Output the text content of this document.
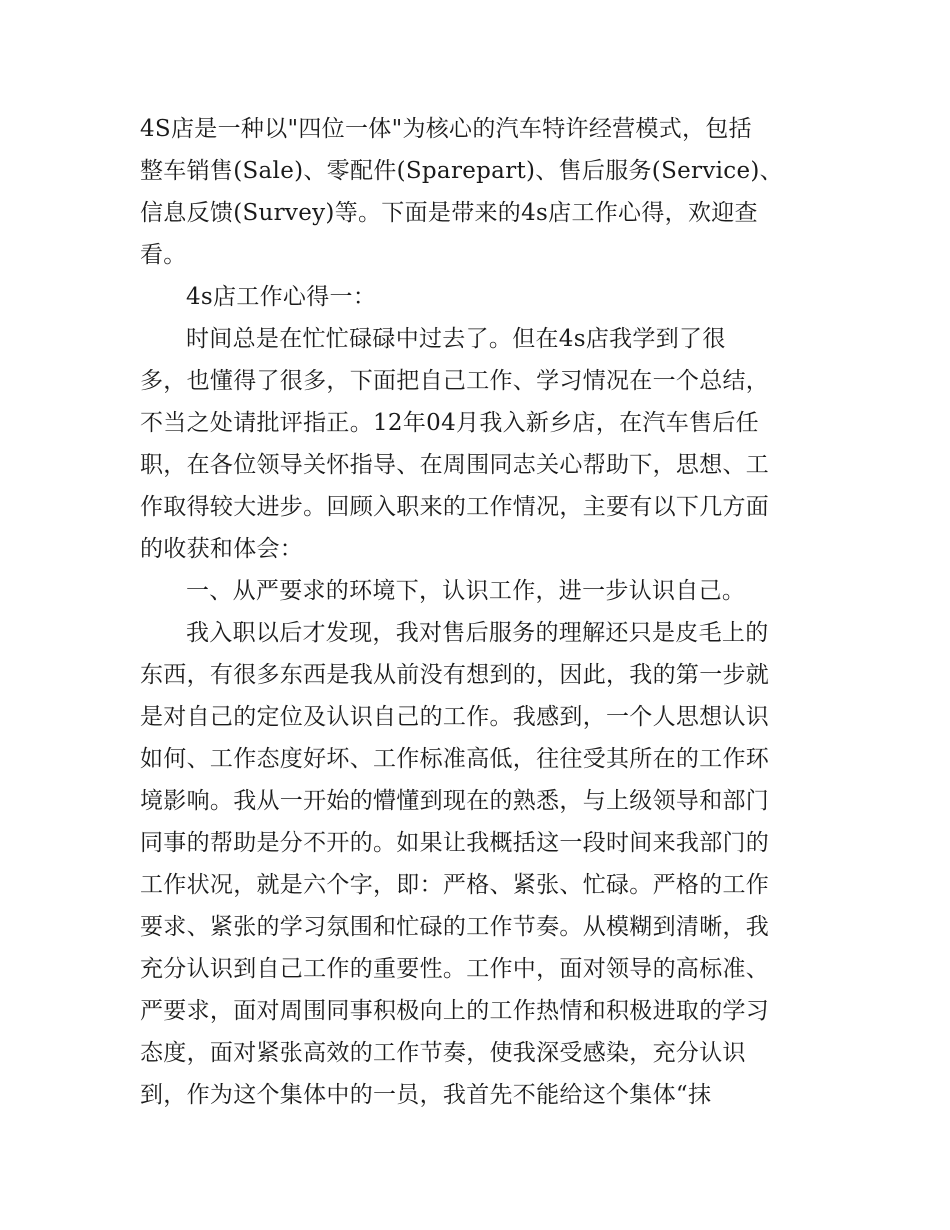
4S店是一种以"四位一体"为核心的汽车特许经营模式，包括
整车销售(Sale)、零配件(Sparepart)、售后服务(Service)、
信息反馈(Survey)等。下面是带来的4s店工作心得，欢迎查
看。
4s店工作心得一：
时间总是在忙忙碌碌中过去了。但在4s店我学到了很
多，也懂得了很多，下面把自己工作、学习情况在一个总结，
不当之处请批评指正。12年04月我入新乡店，在汽车售后任
职，在各位领导关怀指导、在周围同志关心帮助下，思想、工
作取得较大进步。回顾入职来的工作情况，主要有以下几方面
的收获和体会：
一、从严要求的环境下，认识工作，进一步认识自己。
我入职以后才发现，我对售后服务的理解还只是皮毛上的
东西，有很多东西是我从前没有想到的，因此，我的第一步就
是对自己的定位及认识自己的工作。我感到，一个人思想认识
如何、工作态度好坏、工作标准高低，往往受其所在的工作环
境影响。我从一开始的懵懂到现在的熟悉，与上级领导和部门
同事的帮助是分不开的。如果让我概括这一段时间来我部门的
工作状况，就是六个字，即：严格、紧张、忙碌。严格的工作
要求、紧张的学习氛围和忙碌的工作节奏。从模糊到清晰，我
充分认识到自己工作的重要性。工作中，面对领导的高标准、
严要求，面对周围同事积极向上的工作热情和积极进取的学习
态度，面对紧张高效的工作节奏，使我深受感染，充分认识
到，作为这个集体中的一员，我首先不能给这个集体“抹
